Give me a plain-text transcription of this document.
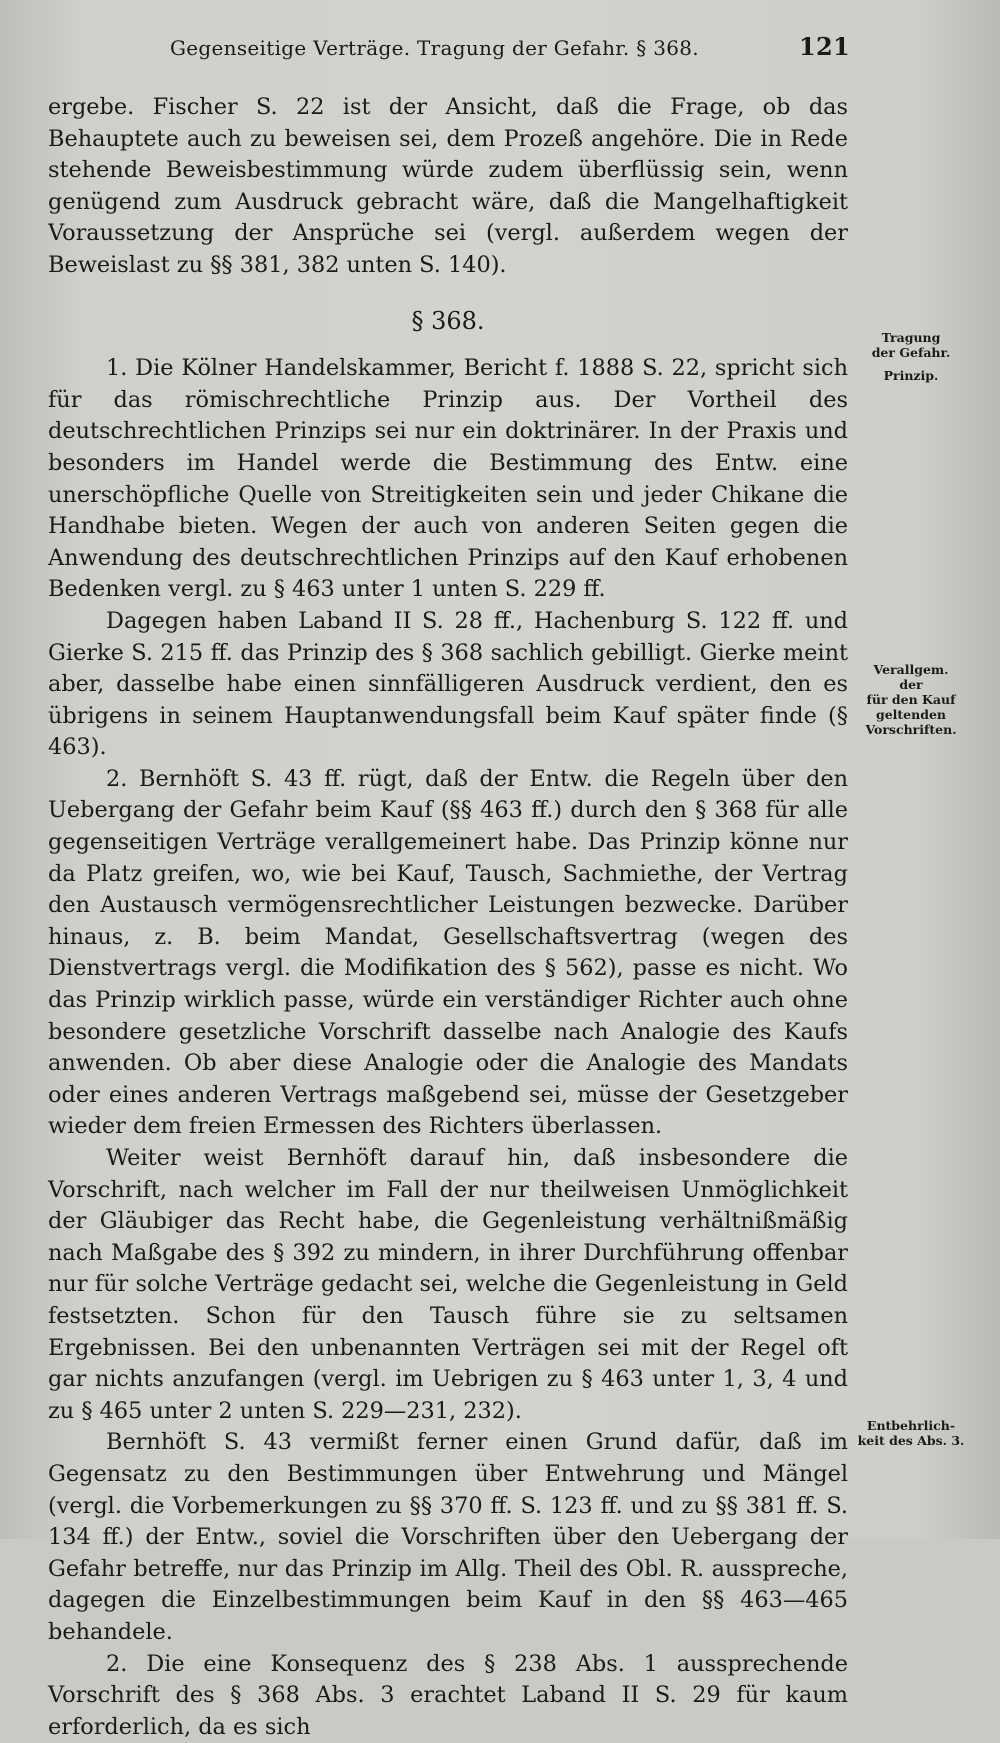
Gegenseitige Verträge. Tragung der Gefahr. § 368.	121

ergebe. Fischer S. 22 ist der Ansicht, daß die Frage, ob das Behauptete auch zu beweisen sei, dem Prozeß angehöre. Die in Rede stehende Beweisbestimmung würde zudem überflüssig sein, wenn genügend zum Ausdruck gebracht wäre, daß die Mangelhaftigkeit Voraussetzung der Ansprüche sei (vergl. außerdem wegen der Beweislast zu §§ 381, 382 unten S. 140).

§ 368.

1. Die Kölner Handelskammer, Bericht f. 1888 S. 22, spricht sich für das römischrechtliche Prinzip aus. Der Vortheil des deutschrechtlichen Prinzips sei nur ein doktrinärer. In der Praxis und besonders im Handel werde die Bestimmung des Entw. eine unerschöpfliche Quelle von Streitigkeiten sein und jeder Chikane die Handhabe bieten. Wegen der auch von anderen Seiten gegen die Anwendung des deutschrechtlichen Prinzips auf den Kauf erhobenen Bedenken vergl. zu § 463 unter 1 unten S. 229 ff.

Dagegen haben Laband II S. 28 ff., Hachenburg S. 122 ff. und Gierke S. 215 ff. das Prinzip des § 368 sachlich gebilligt. Gierke meint aber, dasselbe habe einen sinnfälligeren Ausdruck verdient, den es übrigens in seinem Hauptanwendungsfall beim Kauf später finde (§ 463).

2. Bernhöft S. 43 ff. rügt, daß der Entw. die Regeln über den Uebergang der Gefahr beim Kauf (§§ 463 ff.) durch den § 368 für alle gegenseitigen Verträge verallgemeinert habe. Das Prinzip könne nur da Platz greifen, wo, wie bei Kauf, Tausch, Sachmiethe, der Vertrag den Austausch vermögensrechtlicher Leistungen bezwecke. Darüber hinaus, z. B. beim Mandat, Gesellschaftsvertrag (wegen des Dienstvertrags vergl. die Modifikation des § 562), passe es nicht. Wo das Prinzip wirklich passe, würde ein verständiger Richter auch ohne besondere gesetzliche Vorschrift dasselbe nach Analogie des Kaufs anwenden. Ob aber diese Analogie oder die Analogie des Mandats oder eines anderen Vertrags maßgebend sei, müsse der Gesetzgeber wieder dem freien Ermessen des Richters überlassen.

Weiter weist Bernhöft darauf hin, daß insbesondere die Vorschrift, nach welcher im Fall der nur theilweisen Unmöglichkeit der Gläubiger das Recht habe, die Gegenleistung verhältnißmäßig nach Maßgabe des § 392 zu mindern, in ihrer Durchführung offenbar nur für solche Verträge gedacht sei, welche die Gegenleistung in Geld festsetzten. Schon für den Tausch führe sie zu seltsamen Ergebnissen. Bei den unbenannten Verträgen sei mit der Regel oft gar nichts anzufangen (vergl. im Uebrigen zu § 463 unter 1, 3, 4 und zu § 465 unter 2 unten S. 229—231, 232).

Bernhöft S. 43 vermißt ferner einen Grund dafür, daß im Gegensatz zu den Bestimmungen über Entwehrung und Mängel (vergl. die Vorbemerkungen zu §§ 370 ff. S. 123 ff. und zu §§ 381 ff. S. 134 ff.) der Entw., soviel die Vorschriften über den Uebergang der Gefahr betreffe, nur das Prinzip im Allg. Theil des Obl. R. ausspreche, dagegen die Einzelbestimmungen beim Kauf in den §§ 463—465 behandele.

2. Die eine Konsequenz des § 238 Abs. 1 aussprechende Vorschrift des § 368 Abs. 3 erachtet Laband II S. 29 für kaum erforderlich, da es sich

Tragung
der Gefahr.
Prinzip.
Verallgem.
der
für den Kauf
geltenden Vorschriften.
Entbehrlich-
keit des Abs. 3.
